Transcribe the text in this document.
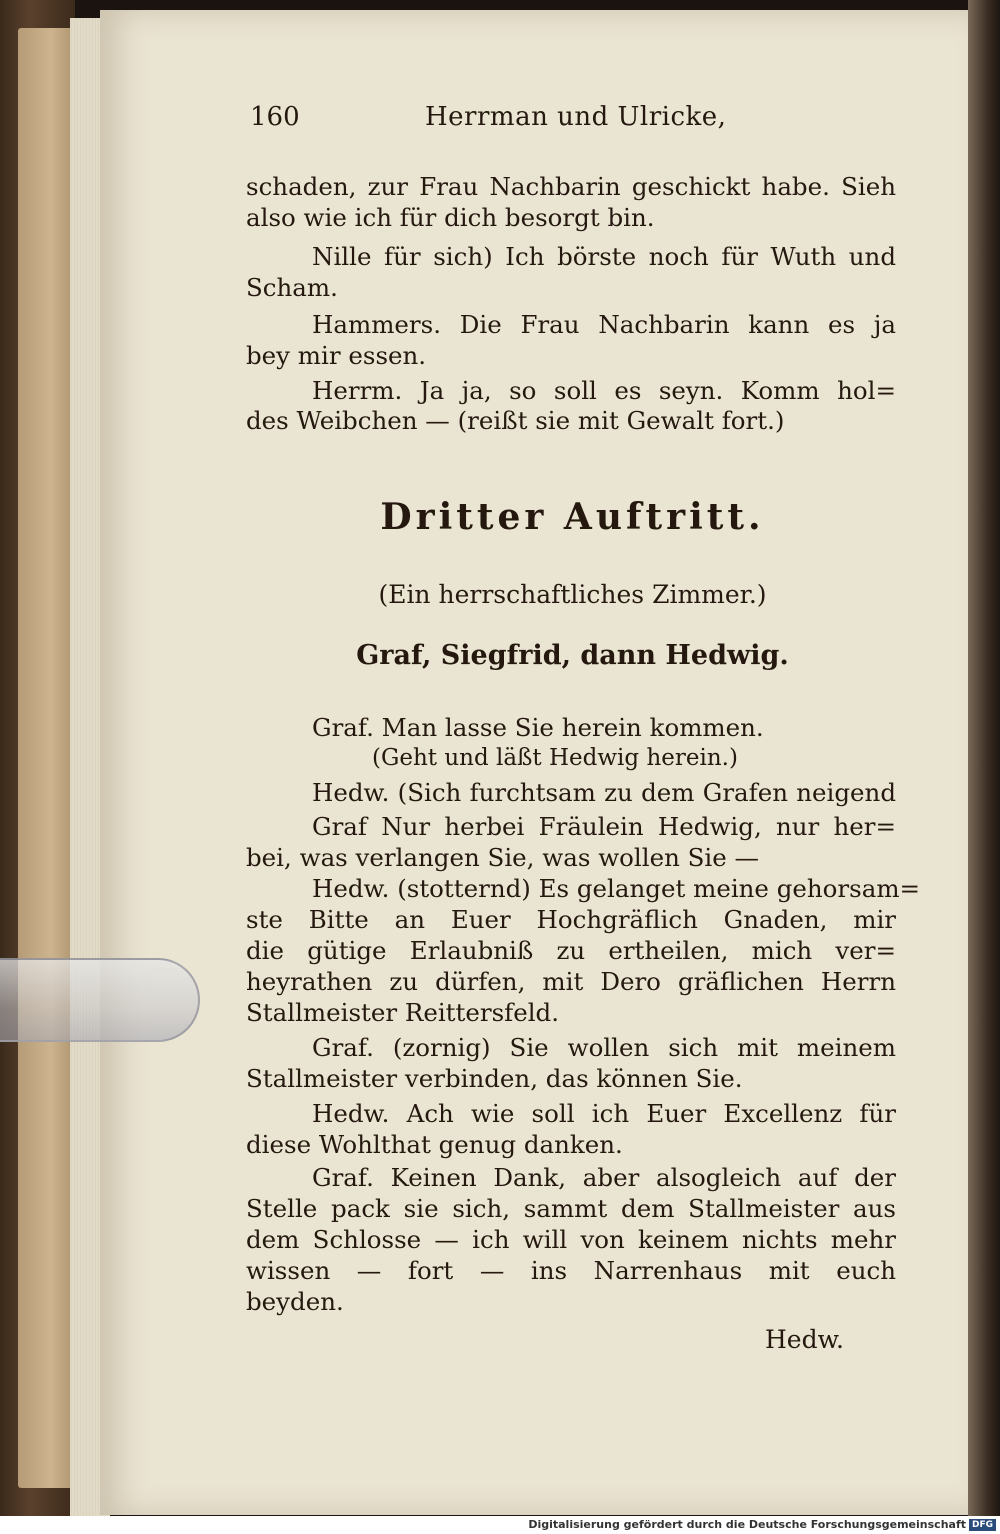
160	Herrman und Ulricke,
schaden, zur Frau Nachbarin geschickt habe. Sieh
also wie ich für dich besorgt bin.
Nille für sich) Ich börste noch für Wuth und
Scham.
Hammers. Die Frau Nachbarin kann es ja
bey mir essen.
Herrm. Ja ja, so soll es seyn. Komm hol=
des Weibchen — (reißt sie mit Gewalt fort.)
Dritter Auftritt.
(Ein herrschaftliches Zimmer.)
Graf, Siegfrid, dann Hedwig.
Graf. Man lasse Sie herein kommen.
(Geht und läßt Hedwig herein.)
Hedw. (Sich furchtsam zu dem Grafen neigend
Graf Nur herbei Fräulein Hedwig, nur her=
bei, was verlangen Sie, was wollen Sie —
Hedw. (stotternd) Es gelanget meine gehorsam=
ste Bitte an Euer Hochgräflich Gnaden, mir
die gütige Erlaubniß zu ertheilen, mich ver=
heyrathen zu dürfen, mit Dero gräflichen Herrn
Stallmeister Reittersfeld.
Graf. (zornig) Sie wollen sich mit meinem
Stallmeister verbinden, das können Sie.
Hedw. Ach wie soll ich Euer Excellenz für
diese Wohlthat genug danken.
Graf. Keinen Dank, aber alsogleich auf der
Stelle pack sie sich, sammt dem Stallmeister aus
dem Schlosse — ich will von keinem nichts mehr
wissen — fort — ins Narrenhaus mit euch
beyden.
Hedw.
Digitalisierung gefördert durch die Deutsche Forschungsgemeinschaft DFG
